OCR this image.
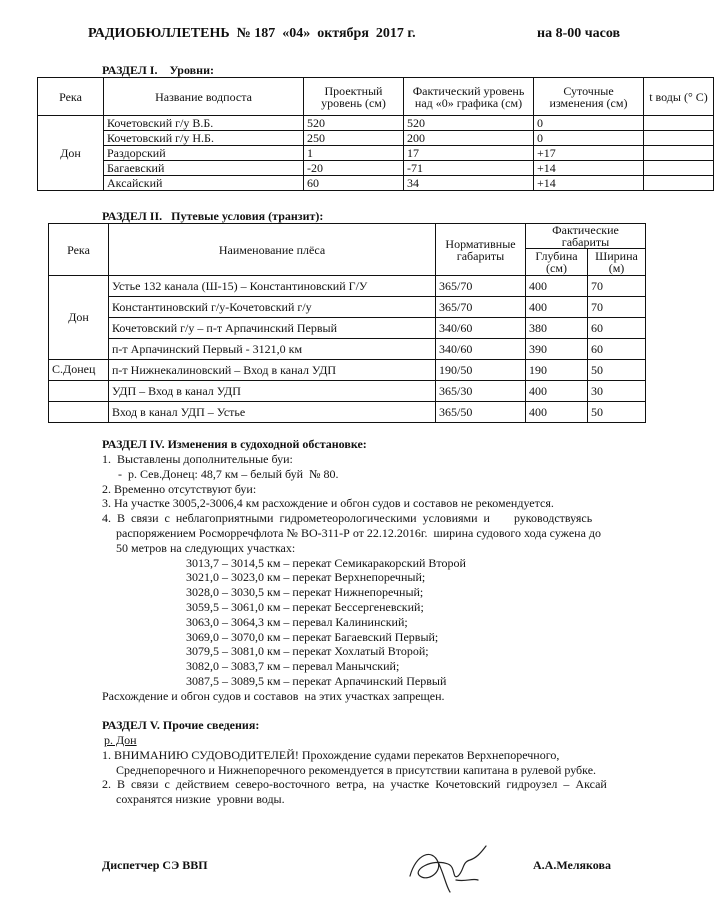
РАДИОБЮЛЛЕТЕНЬ  № 187  «04»  октября  2017 г.	на 8-00 часов
РАЗДЕЛ I.    Уровни:
Река	Название водпоста	Проектный уровень (см)	Фактический уровень над «0» графика (см)	Суточные изменения (см)	t воды (° С)
Дон	Кочетовский г/у В.Б.	520	520	0	
	Кочетовский г/у Н.Б.	250	200	0	
	Раздорский	1	17	+17	
	Багаевский	-20	-71	+14	
	Аксайский	60	34	+14	
РАЗДЕЛ II.   Путевые условия (транзит):
Река	Наименование плёса	Нормативные габариты	Фактические габариты	
			Глубина (см)	Ширина (м)
Дон	Устье 132 канала (Ш-15) – Константиновский Г/У	365/70	400	70
	Константиновский г/у-Кочетовский г/у	365/70	400	70
	Кочетовский г/у – п-т Арпачинский Первый	340/60	380	60
	п-т Арпачинский Первый - 3121,0 км	340/60	390	60
С.Донец	п-т Нижнекалиновский – Вход в канал УДП	190/50	190	50
	УДП – Вход в канал УДП	365/30	400	30
	Вход в канал УДП – Устье	365/50	400	50
РАЗДЕЛ IV. Изменения в судоходной обстановке:
1.  Выставлены дополнительные буи:
-  р. Сев.Донец: 48,7 км – белый буй  № 80.
2. Временно отсутствуют буи:
3. На участке 3005,2-3006,4 км расхождение и обгон судов и составов не рекомендуется.
4.  В  связи  с  неблагоприятными  гидрометеорологическими  условиями  и        руководствуясь
распоряжением Росморречфлота № ВО-311-Р от 22.12.2016г.  ширина судового хода сужена до
50 метров на следующих участках:
3013,7 – 3014,5 км – перекат Семикаракорский Второй
3021,0 – 3023,0 км – перекат Верхнепоречный;
3028,0 – 3030,5 км – перекат Нижнепоречный;
3059,5 – 3061,0 км – перекат Бессергеневский;
3063,0 – 3064,3 км – перевал Калининский;
3069,0 – 3070,0 км – перекат Багаевский Первый;
3079,5 – 3081,0 км – перекат Хохлатый Второй;
3082,0 – 3083,7 км – перевал Манычский;
3087,5 – 3089,5 км – перекат Арпачинский Первый
Расхождение и обгон судов и составов  на этих участках запрещен.
РАЗДЕЛ V. Прочие сведения:
р. Дон
1. ВНИМАНИЮ СУДОВОДИТЕЛЕЙ! Прохождение судами перекатов Верхнепоречного,
Среднепоречного и Нижнепоречного рекомендуется в присутствии капитана в рулевой рубке.
2.  В  связи  с  действием  северо-восточного  ветра,  на  участке  Кочетовский  гидроузел  –  Аксай
сохранятся низкие  уровни воды.
Диспетчер СЭ ВВП	А.А.Мелякова
